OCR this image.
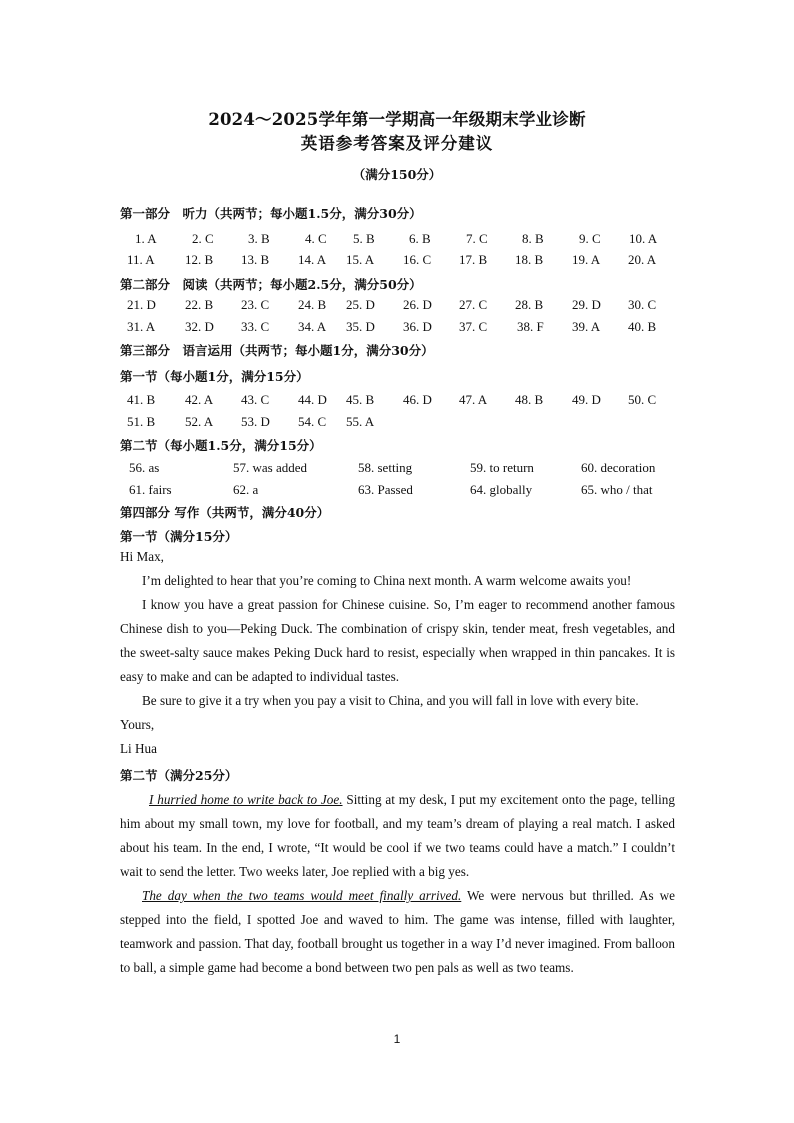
2024～2025学年第一学期高一年级期末学业诊断
英语参考答案及评分建议
（满分150分）
第一部分　听力（共两节；每小题1.5分，满分30分）
1. A	2. C	3. B	4. C 5. B	6. B	7. C	8. B	9. C 10. A
11. A 12. B 13. B 14. A 15. A 16. C 17. B 18. B 19. A 20. A
第二部分　阅读（共两节；每小题2.5分，满分50分）
21. D 22. B 23. C 24. B 25. D 26. D 27. C 28. B 29. D 30. C
31. A 32. D 33. C 34. A 35. D 36. D 37. C 38. F 39. A 40. B
第三部分　语言运用（共两节；每小题1分，满分30分）
第一节（每小题1分，满分15分）
41. B 42. A 43. C 44. D 45. B 46. D 47. A 48. B 49. D 50. C
51. B 52. A 53. D 54. C 55. A
第二节（每小题1.5分，满分15分）
56. as	57. was added	58. setting	59. to return	60. decoration
61. fairs	62. a	63. Passed	64. globally	65. who / that
第四部分 写作（共两节，满分40分）
第一节（满分15分）

Hi Max,

I’m delighted to hear that you’re coming to China next month. A warm welcome awaits you!

I know you have a great passion for Chinese cuisine. So, I’m eager to recommend another famous Chinese dish to you—Peking Duck. The combination of crispy skin, tender meat, fresh vegetables, and the sweet-salty sauce makes Peking Duck hard to resist, especially when wrapped in thin pancakes. It is easy to make and can be adapted to individual tastes.

Be sure to give it a try when you pay a visit to China, and you will fall in love with every bite.

Yours,

Li Hua

第二节（满分25分）

I hurried home to write back to Joe. Sitting at my desk, I put my excitement onto the page, telling him about my small town, my love for football, and my team’s dream of playing a real match. I asked about his team. In the end, I wrote, “It would be cool if we two teams could have a match.” I couldn’t wait to send the letter. Two weeks later, Joe replied with a big yes.

The day when the two teams would meet finally arrived. We were nervous but thrilled. As we stepped into the field, I spotted Joe and waved to him. The game was intense, filled with laughter, teamwork and passion. That day, football brought us together in a way I’d never imagined. From balloon to ball, a simple game had become a bond between two pen pals as well as two teams.

1
